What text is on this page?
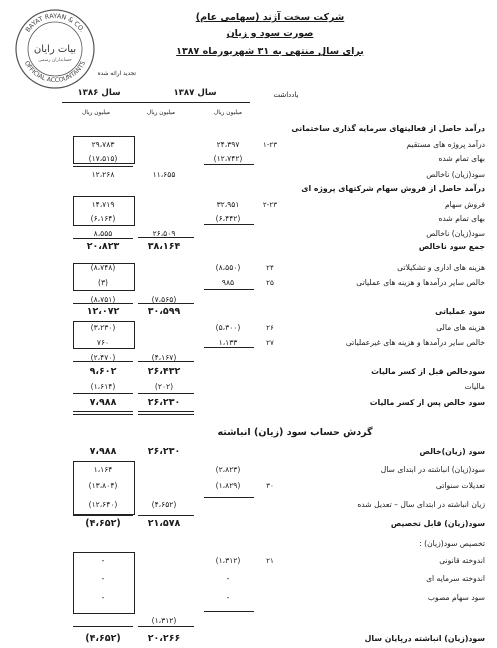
BAYAT RAYAN & CO.
OFFICIAL ACCOUNTANTS
بیات رایان
حسابداران رسمی
شرکت سخت آژند (سهامی عام)
صورت سود و زیان
برای سال منتهی به ۳۱ شهریورماه ۱۳۸۷
تجدید ارائه شده
یادداشت
سال ۱۳۸۷
سال ۱۳۸۶
میلیون ریال
میلیون ریال
میلیون ریال
درآمد حاصل از فعالیتهای سرمایه گذاری ساختمانی
درآمد پروژه های مستقیم
۱-۲۳
۲۴،۳۹۷
۲۹،۷۸۳
بهای تمام شده
(۱۲،۷۴۲)
(۱۷،۵۱۵)
سود(زیان) ناخالص
۱۱،۶۵۵
۱۲،۲۶۸
درآمد حاصل از فروش سهام شرکتهای پروژه ای
فروش سهام
۲-۲۳
۳۲،۹۵۱
۱۴،۷۱۹
بهای تمام شده
(۶،۴۴۲)
(۶،۱۶۴)
سود(زیان) ناخالص
۲۶،۵۰۹
۸،۵۵۵
جمع سود ناخالص
۳۸،۱۶۴
۲۰،۸۲۳
هزینه های اداری و تشکیلاتی
۲۴
(۸،۵۵۰)
(۸،۷۴۸)
خالص سایر درآمدها و هزینه های عملیاتی
۲۵
۹۸۵
(۳)
(۷،۵۶۵)
(۸،۷۵۱)
سود عملیاتی
۳۰،۵۹۹
۱۲،۰۷۲
هزینه های مالی
۲۶
(۵،۳۰۰)
(۳،۲۳۰)
خالص سایر درآمدها و هزینه های غیرعملیاتی
۲۷
۱،۱۳۳
۷۶۰
(۴،۱۶۷)
(۲،۴۷۰)
سودخالص قبل از کسر مالیات
۲۶،۴۳۲
۹،۶۰۲
مالیات
(۲۰۲)
(۱،۶۱۴)
سود خالص پس از کسر مالیات
۲۶،۲۳۰
۷،۹۸۸
گردش حساب سود (زیان) انباشته
سود (زیان)خالص
۲۶،۲۳۰
۷،۹۸۸
سود(زیان) انباشته در ابتدای سال
(۲،۸۲۳)
۱،۱۶۴
تعدیلات سنواتی
۳۰
(۱،۸۲۹)
(۱۳،۸۰۴)
زیان انباشته در ابتدای سال – تعدیل شده
(۴،۶۵۲)
(۱۲،۶۴۰)
سود(زیان) قابل تخصیص
۲۱،۵۷۸
(۴،۶۵۲)
تخصیص سود(زیان) :
اندوخته قانونی
۲۱
(۱،۳۱۲)
-
اندوخته سرمایه ای
-
-
سود سهام مصوب
-
-
(۱،۳۱۲)
سود(زیان) انباشته درپایان سال
۲۰،۲۶۶
(۴،۶۵۲)
